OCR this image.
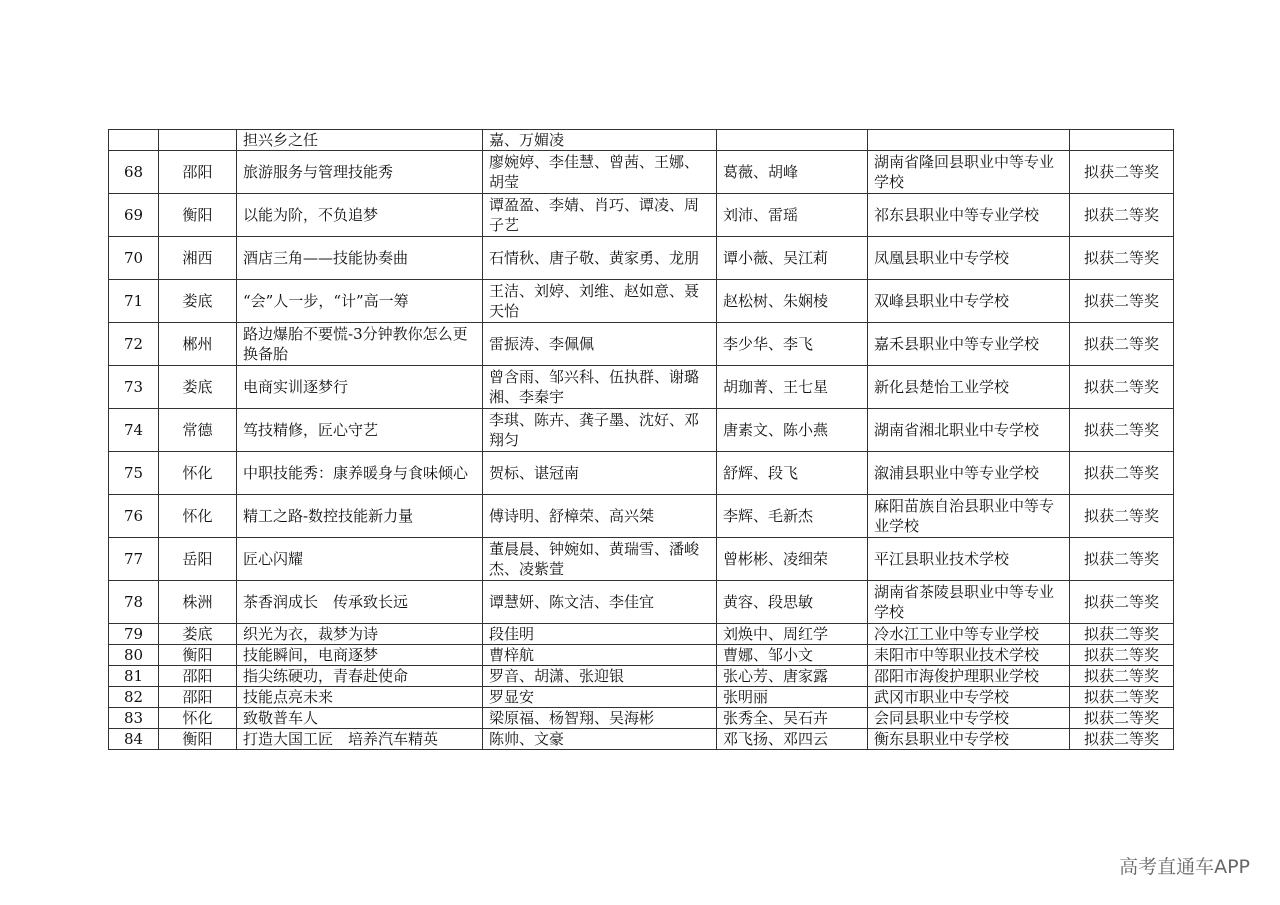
		担兴乡之任	嘉、万媚凌			
68	邵阳	旅游服务与管理技能秀	廖婉婷、李佳慧、曾茜、王娜、胡莹	葛薇、胡峰	湖南省隆回县职业中等专业学校	拟获二等奖
69	衡阳	以能为阶，不负追梦	谭盈盈、李婧、肖巧、谭凌、周子艺	刘沛、雷瑶	祁东县职业中等专业学校	拟获二等奖
70	湘西	酒店三角——技能协奏曲	石情秋、唐子敬、黄家勇、龙朋	谭小薇、吴江莉	凤凰县职业中专学校	拟获二等奖
71	娄底	“会”人一步，“计”高一筹	王洁、刘婷、刘维、赵如意、聂天怡	赵松树、朱娴棱	双峰县职业中专学校	拟获二等奖
72	郴州	路边爆胎不要慌-3分钟教你怎么更换备胎	雷振涛、李佩佩	李少华、李飞	嘉禾县职业中等专业学校	拟获二等奖
73	娄底	电商实训逐梦行	曾含雨、邹兴科、伍执群、谢璐湘、李秦宇	胡珈菁、王七星	新化县楚怡工业学校	拟获二等奖
74	常德	笃技精修，匠心守艺	李琪、陈卉、龚子墨、沈好、邓翔匀	唐素文、陈小燕	湖南省湘北职业中专学校	拟获二等奖
75	怀化	中职技能秀：康养暖身与食味倾心	贺标、谌冠南	舒辉、段飞	溆浦县职业中等专业学校	拟获二等奖
76	怀化	精工之路-数控技能新力量	傅诗明、舒樟荣、高兴桀	李辉、毛新杰	麻阳苗族自治县职业中等专业学校	拟获二等奖
77	岳阳	匠心闪耀	董晨晨、钟婉如、黄瑞雪、潘峻杰、凌紫萱	曾彬彬、凌细荣	平江县职业技术学校	拟获二等奖
78	株洲	茶香润成长　传承致长远	谭慧妍、陈文洁、李佳宜	黄容、段思敏	湖南省茶陵县职业中等专业学校	拟获二等奖
79	娄底	织光为衣，裁梦为诗	段佳明	刘焕中、周红学	冷水江工业中等专业学校	拟获二等奖
80	衡阳	技能瞬间，电商逐梦	曹梓航	曹娜、邹小文	耒阳市中等职业技术学校	拟获二等奖
81	邵阳	指尖练硬功，青春赴使命	罗音、胡潇、张迎银	张心芳、唐家露	邵阳市海俊护理职业学校	拟获二等奖
82	邵阳	技能点亮未来	罗显安	张明丽	武冈市职业中专学校	拟获二等奖
83	怀化	致敬普车人	梁原福、杨智翔、吴海彬	张秀全、吴石卉	会同县职业中专学校	拟获二等奖
84	衡阳	打造大国工匠　培养汽车精英	陈帅、文豪	邓飞扬、邓四云	衡东县职业中专学校	拟获二等奖
高考直通车APP
